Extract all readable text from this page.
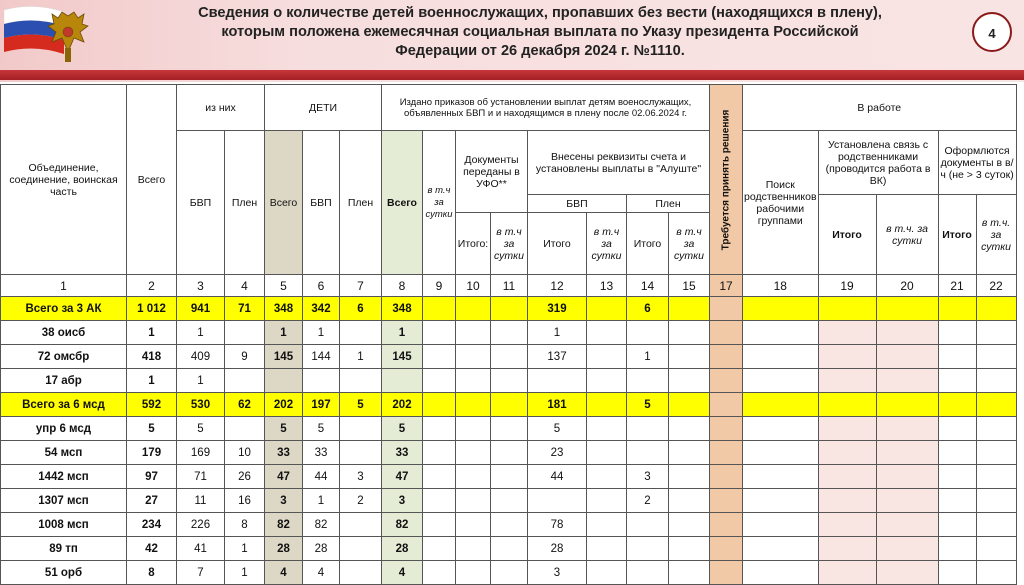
Сведения о количестве детей военнослужащих, пропавших без вести (находящихся в плену),
которым положена ежемесячная социальная выплата по Указу президента Российской
Федерации от 26 декабря 2024 г. №1110.
4
Объединение, соединение, воинская часть	Всего	из них		ДЕТИ			Издано приказов об установлении выплат детям военослужащих, объявленных БВП и и находящимся в плену после 02.06.2024 г.								Требуется принять решения	В работе				
		БВП	Плен	Всего	БВП	Плен	Всего	в т.ч за сутки	Документы переданы в УФО**		Внесены реквизиты счета и установлены выплаты в "Алуште"					Поиск родственников рабочими группами	Установлена связь с родственниками (проводится работа в ВК)		Оформлются документы в в/ч (не > 3 суток)	
											БВП		Плен				Итого	в т.ч. за сутки	Итого	в т.ч. за сутки
									Итого:	в т.ч за сутки	Итого	в т.ч за сутки	Итого	в т.ч за сутки						
1	2	3	4	5	6	7	8	9	10	11	12	13	14	15	17	18	19	20	21	22
Всего за 3 АК	1 012	941	71	348	342	6	348				319		6							
38 оисб	1	1		1	1		1				1									
72 омсбр	418	409	9	145	144	1	145				137		1							
17 абр	1	1																		
Всего за 6 мсд	592	530	62	202	197	5	202				181		5							
упр 6 мсд	5	5		5	5		5				5									
54 мсп	179	169	10	33	33		33				23									
1442 мсп	97	71	26	47	44	3	47				44		3							
1307 мсп	27	11	16	3	1	2	3						2							
1008 мсп	234	226	8	82	82		82				78									
89 тп	42	41	1	28	28		28				28									
51 орб	8	7	1	4	4		4				3									
